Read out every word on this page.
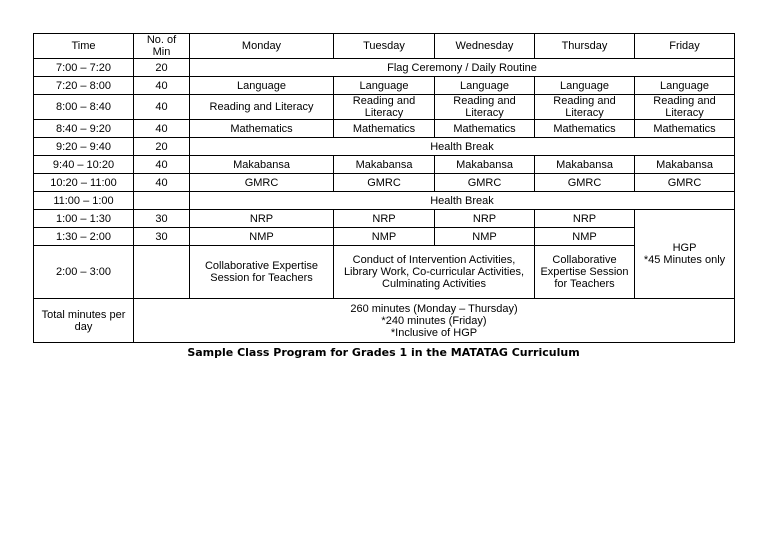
Time	No. of Min	Monday	Tuesday	Wednesday	Thursday	Friday
7:00 – 7:20	20	Flag Ceremony / Daily Routine				
7:20 – 8:00	40	Language	Language	Language	Language	Language
8:00 – 8:40	40	Reading and Literacy	Reading and Literacy	Reading and Literacy	Reading and Literacy	Reading and Literacy
8:40 – 9:20	40	Mathematics	Mathematics	Mathematics	Mathematics	Mathematics
9:20 – 9:40	20	Health Break				
9:40 – 10:20	40	Makabansa	Makabansa	Makabansa	Makabansa	Makabansa
10:20 – 11:00	40	GMRC	GMRC	GMRC	GMRC	GMRC
11:00 – 1:00		Health Break				
1:00 – 1:30	30	NRP	NRP	NRP	NRP	HGP
*45 Minutes only

1:30 – 2:00	30	NMP	NMP	NMP	NMP	
2:00 – 3:00		Collaborative Expertise Session for Teachers	Conduct of Intervention Activities, Library Work, Co-curricular Activities, Culminating Activities		Collaborative Expertise Session for Teachers	
Total minutes per day	260 minutes (Monday – Thursday)
*240 minutes (Friday)
*Inclusive of HGP					
Sample Class Program for Grades 1 in the MATATAG Curriculum
